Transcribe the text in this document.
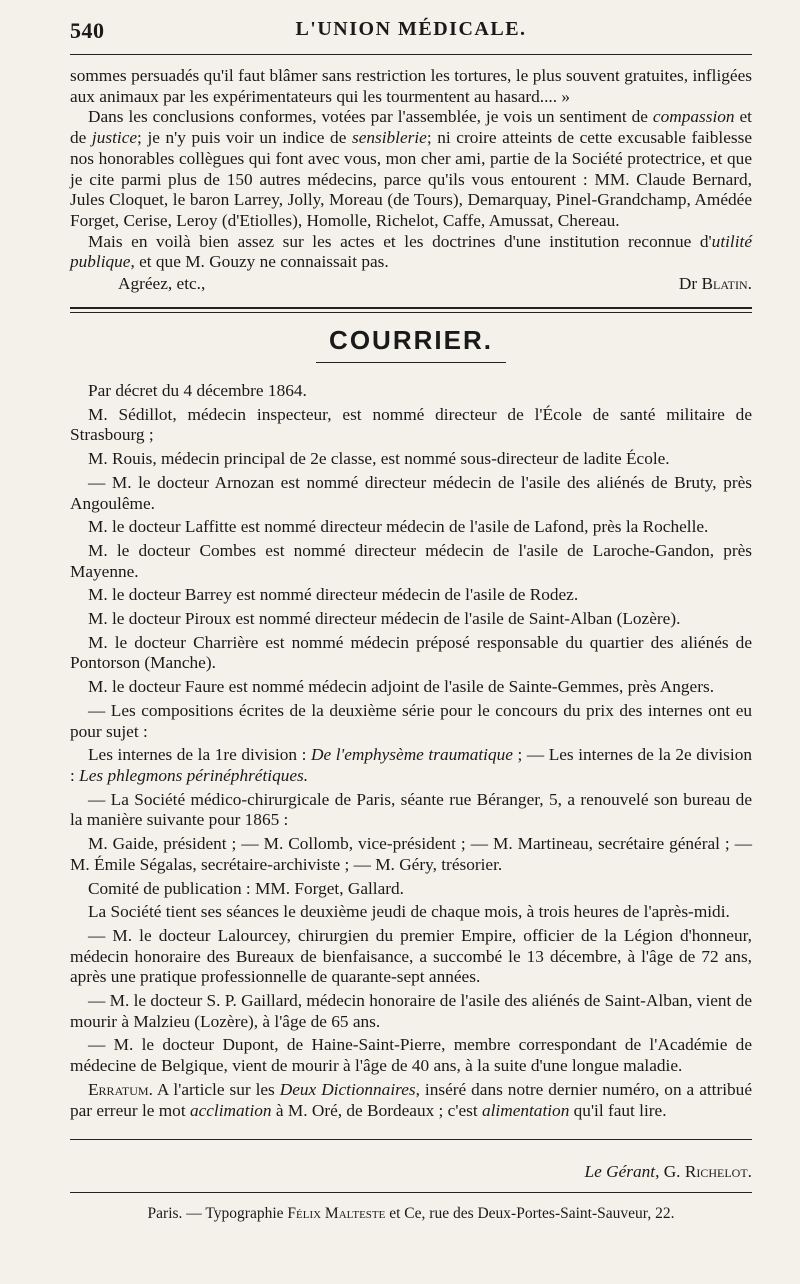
540	L'UNION MÉDICALE.

sommes persuadés qu'il faut blâmer sans restriction les tortures, le plus souvent gratuites, infligées aux animaux par les expérimentateurs qui les tourmentent au hasard.... »

Dans les conclusions conformes, votées par l'assemblée, je vois un sentiment de compassion et de justice; je n'y puis voir un indice de sensiblerie; ni croire atteints de cette excusable faiblesse nos honorables collègues qui font avec vous, mon cher ami, partie de la Société protectrice, et que je cite parmi plus de 150 autres médecins, parce qu'ils vous entourent : MM. Claude Bernard, Jules Cloquet, le baron Larrey, Jolly, Moreau (de Tours), Demarquay, Pinel-Grandchamp, Amédée Forget, Cerise, Leroy (d'Etiolles), Homolle, Richelot, Caffe, Amussat, Chereau.

Mais en voilà bien assez sur les actes et les doctrines d'une institution reconnue d'utilité publique, et que M. Gouzy ne connaissait pas.

Agréez, etc.,	Dr Blatin.
COURRIER.

Par décret du 4 décembre 1864.

M. Sédillot, médecin inspecteur, est nommé directeur de l'École de santé militaire de Strasbourg ;

M. Rouis, médecin principal de 2e classe, est nommé sous-directeur de ladite École.

— M. le docteur Arnozan est nommé directeur médecin de l'asile des aliénés de Bruty, près Angoulême.

M. le docteur Laffitte est nommé directeur médecin de l'asile de Lafond, près la Rochelle.

M. le docteur Combes est nommé directeur médecin de l'asile de Laroche-Gandon, près Mayenne.

M. le docteur Barrey est nommé directeur médecin de l'asile de Rodez.

M. le docteur Piroux est nommé directeur médecin de l'asile de Saint-Alban (Lozère).

M. le docteur Charrière est nommé médecin préposé responsable du quartier des aliénés de Pontorson (Manche).

M. le docteur Faure est nommé médecin adjoint de l'asile de Sainte-Gemmes, près Angers.

— Les compositions écrites de la deuxième série pour le concours du prix des internes ont eu pour sujet :

Les internes de la 1re division : De l'emphysème traumatique ; — Les internes de la 2e division : Les phlegmons périnéphrétiques.

— La Société médico-chirurgicale de Paris, séante rue Béranger, 5, a renouvelé son bureau de la manière suivante pour 1865 :

M. Gaide, président ; — M. Collomb, vice-président ; — M. Martineau, secrétaire général ; — M. Émile Ségalas, secrétaire-archiviste ; — M. Géry, trésorier.

Comité de publication : MM. Forget, Gallard.

La Société tient ses séances le deuxième jeudi de chaque mois, à trois heures de l'après-midi.

— M. le docteur Lalourcey, chirurgien du premier Empire, officier de la Légion d'honneur, médecin honoraire des Bureaux de bienfaisance, a succombé le 13 décembre, à l'âge de 72 ans, après une pratique professionnelle de quarante-sept années.

— M. le docteur S. P. Gaillard, médecin honoraire de l'asile des aliénés de Saint-Alban, vient de mourir à Malzieu (Lozère), à l'âge de 65 ans.

— M. le docteur Dupont, de Haine-Saint-Pierre, membre correspondant de l'Académie de médecine de Belgique, vient de mourir à l'âge de 40 ans, à la suite d'une longue maladie.

Erratum. A l'article sur les Deux Dictionnaires, inséré dans notre dernier numéro, on a attribué par erreur le mot acclimation à M. Oré, de Bordeaux ; c'est alimentation qu'il faut lire.

Le Gérant, G. Richelot.
Paris. — Typographie Félix Malteste et Ce, rue des Deux-Portes-Saint-Sauveur, 22.
